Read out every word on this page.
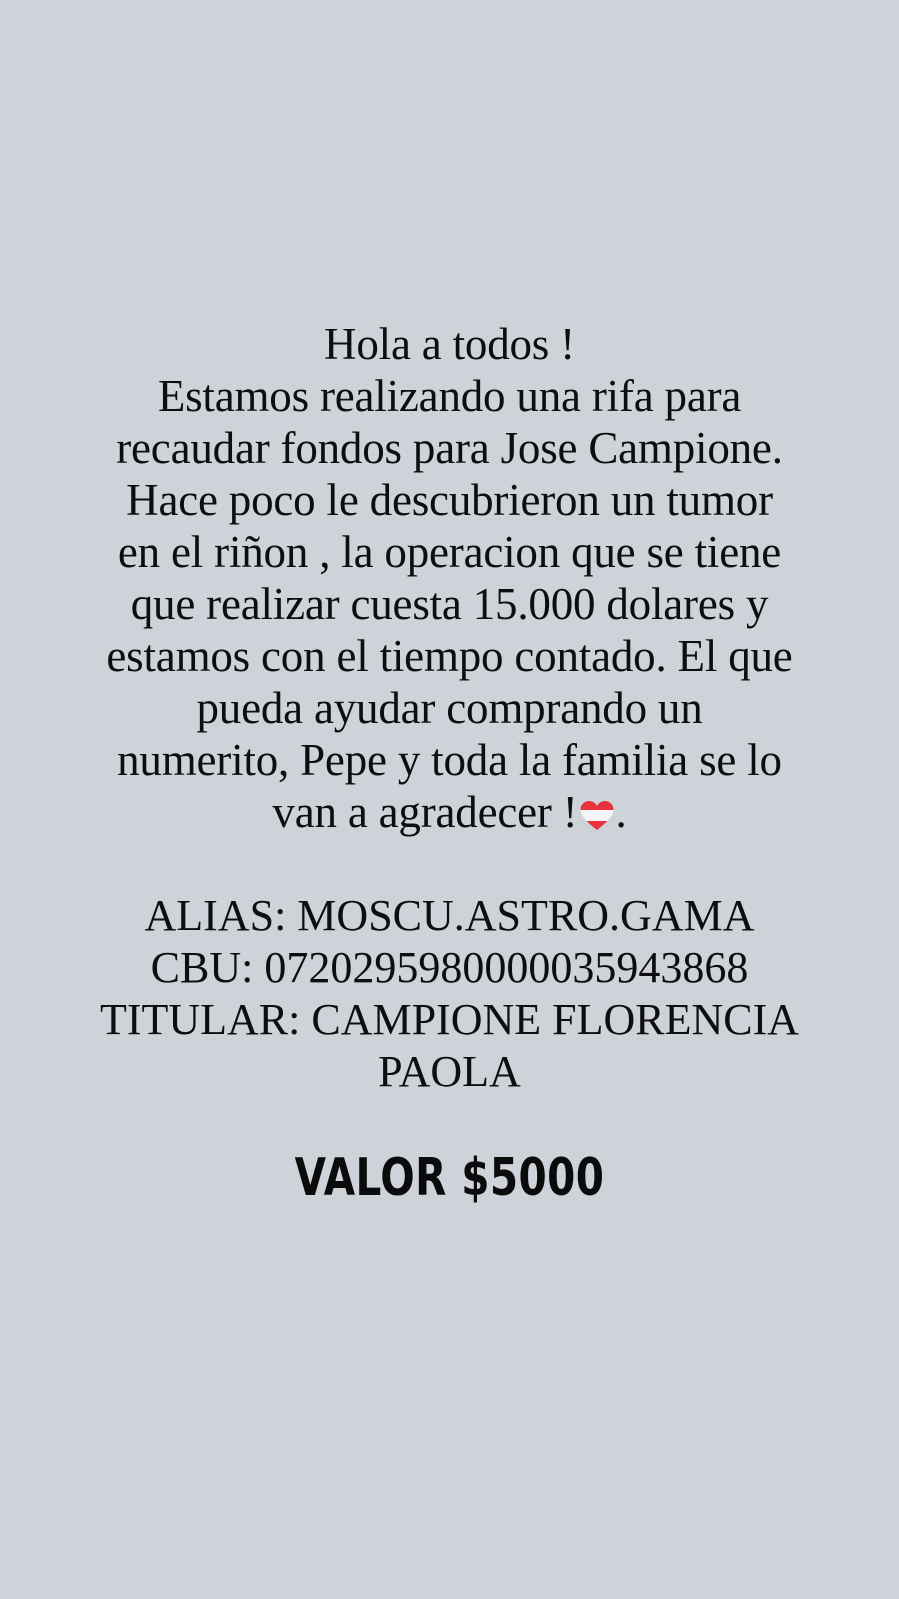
Hola a todos !
Estamos realizando una rifa para
recaudar fondos para Jose Campione.
Hace poco le descubrieron un tumor
en el riñon , la operacion que se tiene
que realizar cuesta 15.000 dolares y
estamos con el tiempo contado. El que
pueda ayudar comprando un
numerito, Pepe y toda la familia se lo
van a agradecer ! .
ALIAS: MOSCU.ASTRO.GAMA
CBU: 0720295980000035943868
TITULAR: CAMPIONE FLORENCIA
PAOLA
VALOR $5000
